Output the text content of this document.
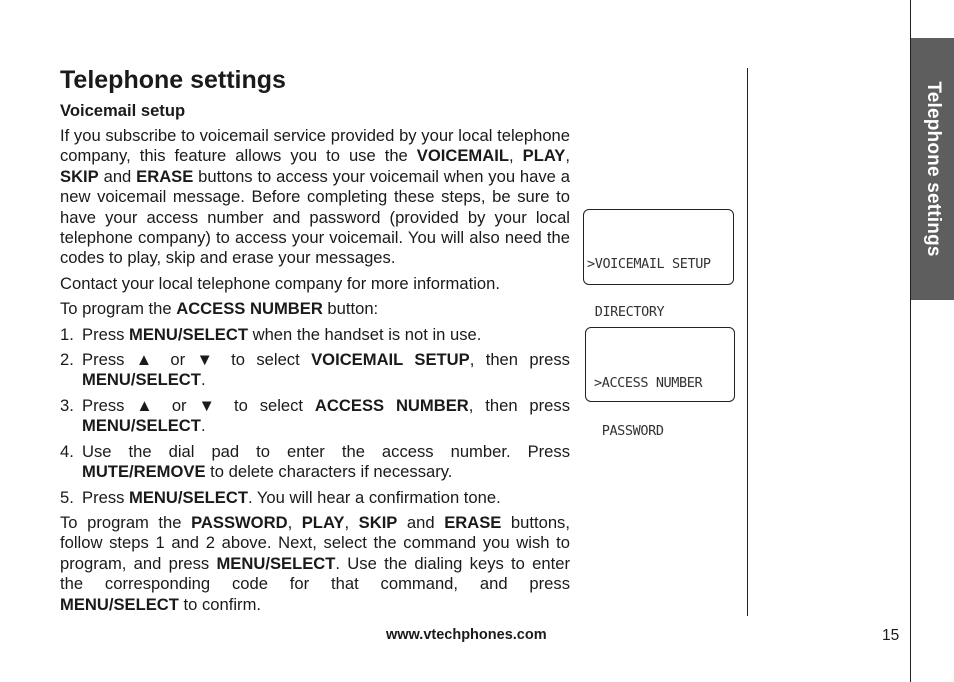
Telephone settings
Telephone settings
Voicemail setup

If you subscribe to voicemail service provided by your local telephone company, this feature allows you to use the VOICEMAIL, PLAY, SKIP and ERASE buttons to access your voicemail when you have a new voicemail message. Before completing these steps, be sure to have your access number and password (provided by your local telephone company) to access your voicemail. You will also need the codes to play, skip and erase your messages.

Contact your local telephone company for more information.

To program the ACCESS NUMBER button:

1. Press MENU/SELECT when the handset is not in use.
2. Press ▲ or ▼ to select VOICEMAIL SETUP, then press MENU/SELECT.
3. Press ▲ or ▼ to select ACCESS NUMBER, then press MENU/SELECT.
4. Use the dial pad to enter the access number. Press MUTE/REMOVE to delete characters if necessary.
5. Press MENU/SELECT. You will hear a confirmation tone.

To program the PASSWORD, PLAY, SKIP and ERASE buttons, follow steps 1 and 2 above. Next, select the command you wish to program, and press MENU/SELECT. Use the dialing keys to enter the corresponding code for that command, and press MENU/SELECT to confirm.

>VOICEMAIL SETUP

DIRECTORY

>ACCESS NUMBER

PASSWORD

www.vtechphones.com	15
